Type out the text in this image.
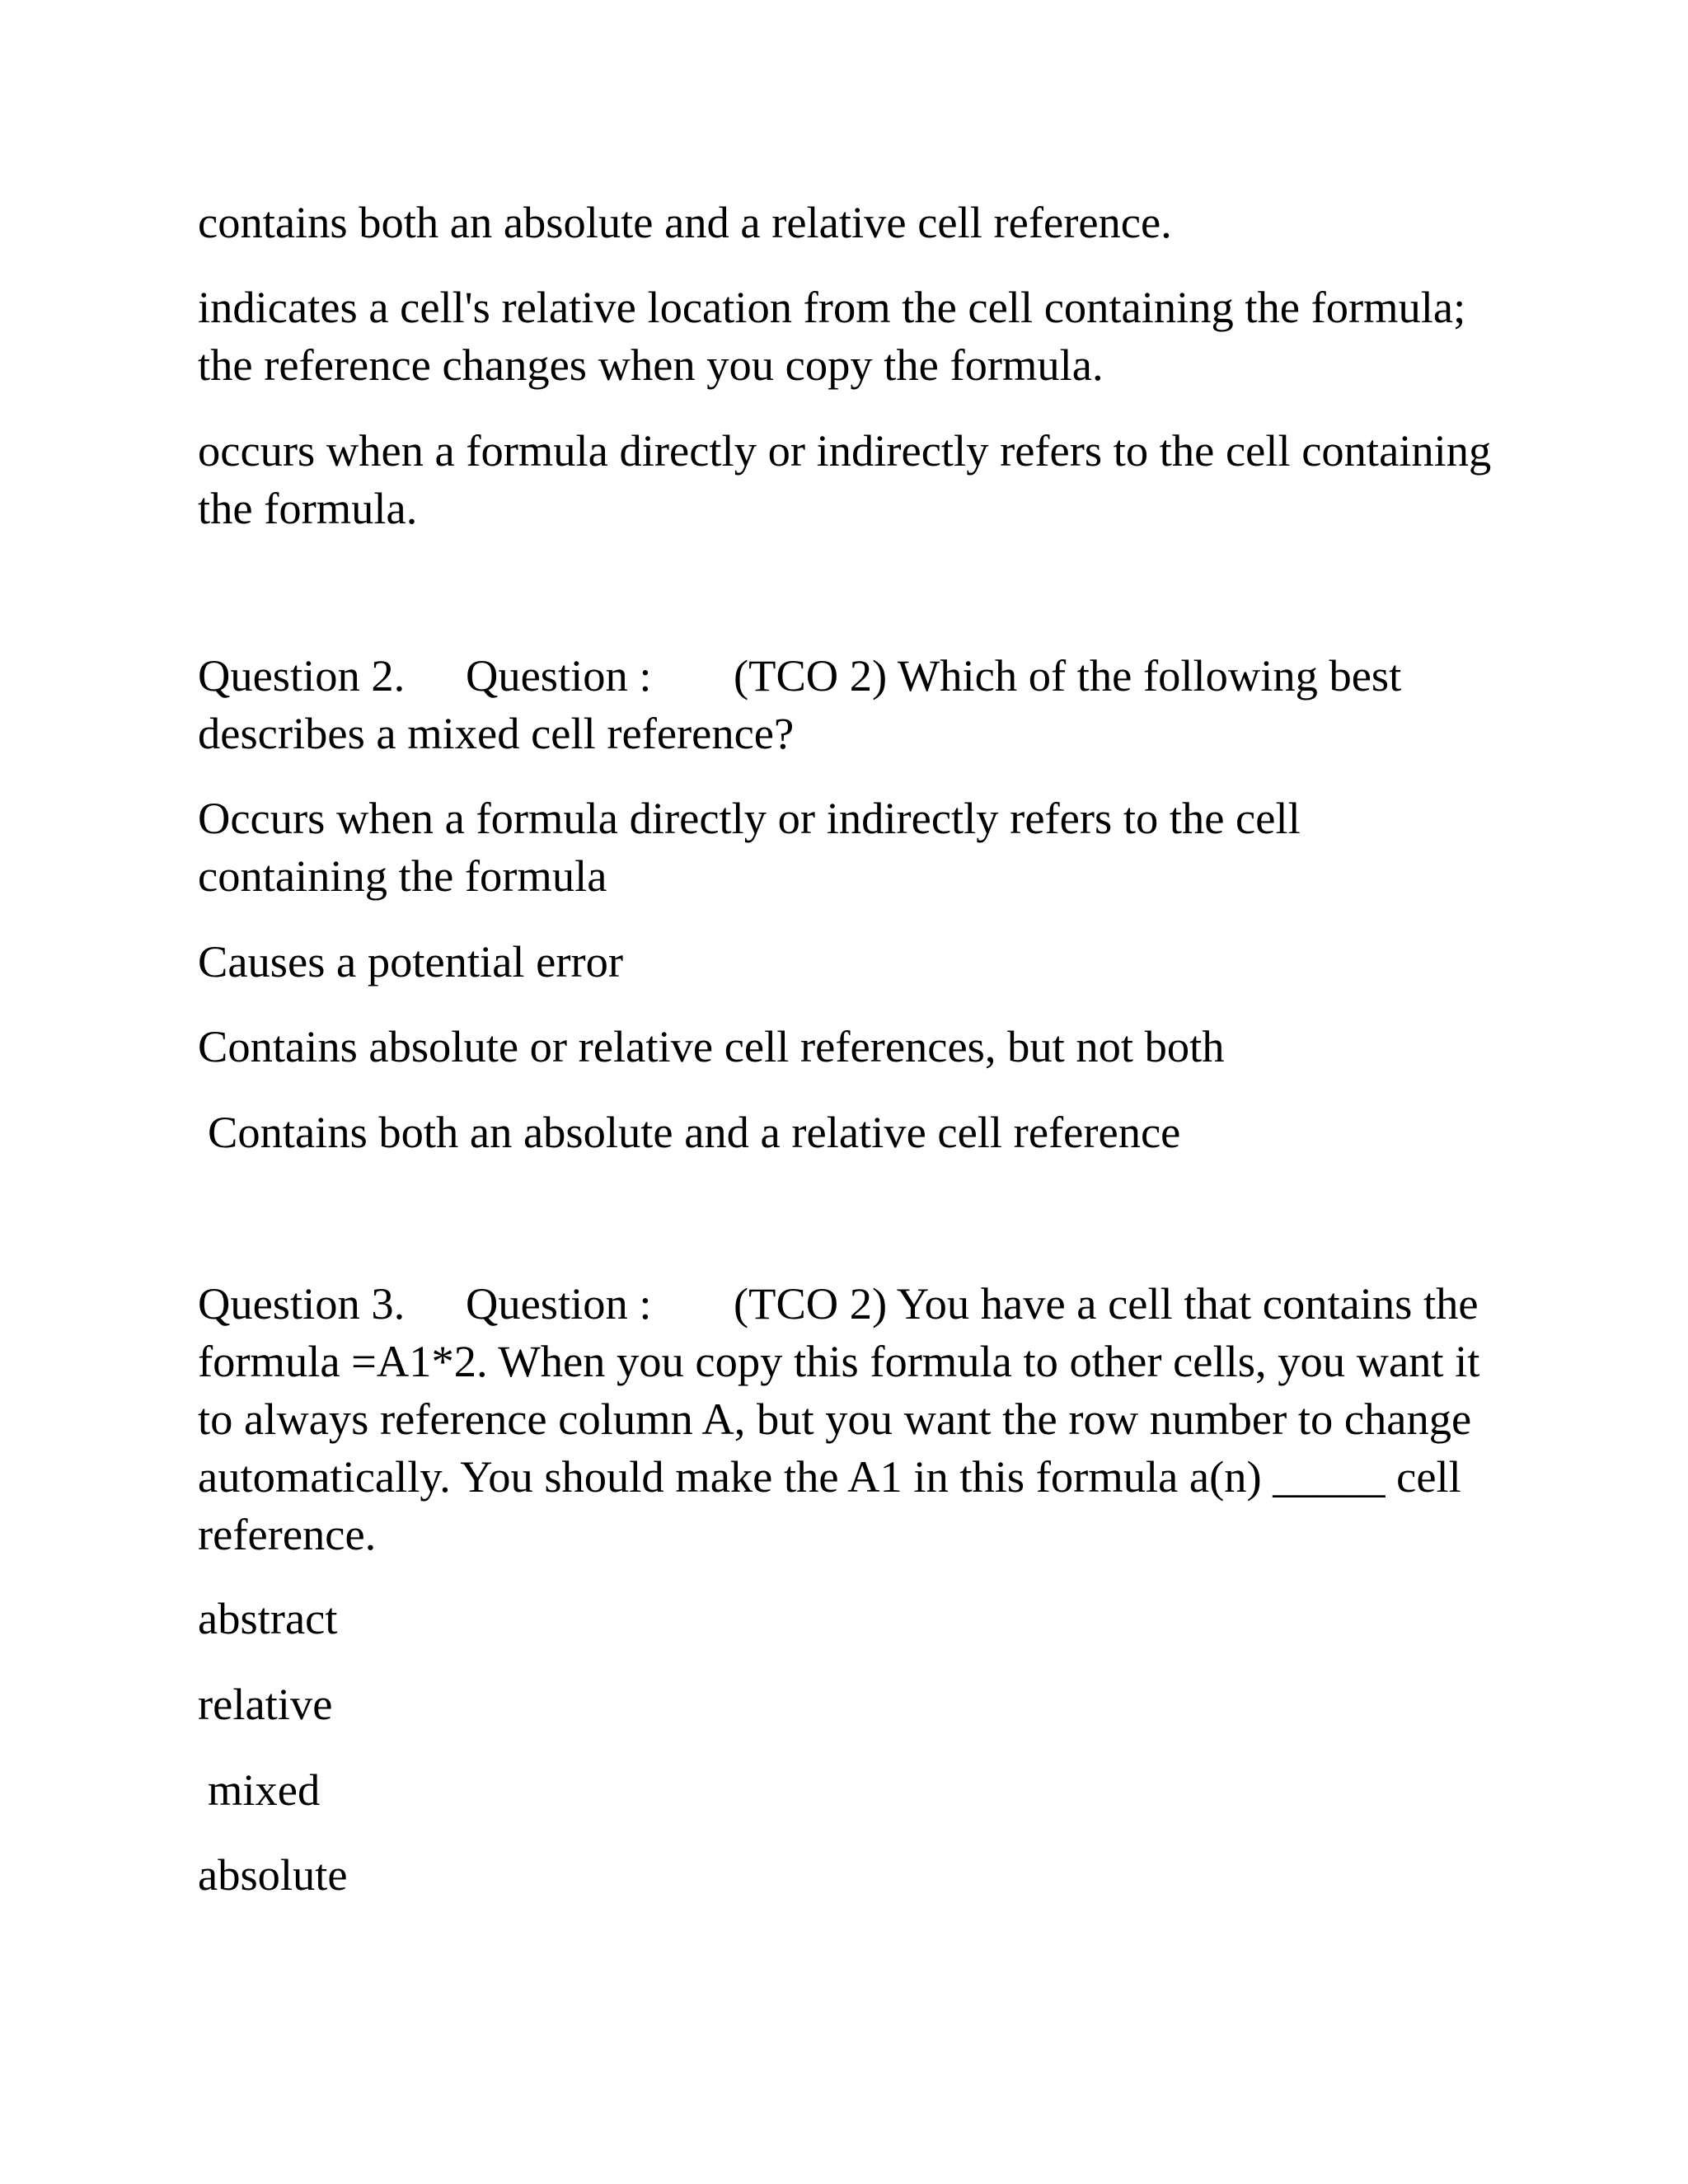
contains both an absolute and a relative cell reference.

indicates a cell's relative location from the cell containing the formula; the reference changes when you copy the formula.

occurs when a formula directly or indirectly refers to the cell containing the formula.

Question 2. Question : (TCO 2) Which of the following best

describes a mixed cell reference?

Occurs when a formula directly or indirectly refers to the cell containing the formula

Causes a potential error

Contains absolute or relative cell references, but not both

Contains both an absolute and a relative cell reference

Question 3. Question : (TCO 2) You have a cell that contains the

formula =A1*2. When you copy this formula to other cells, you want it to always reference column A, but you want the row number to change automatically. You should make the A1 in this formula a(n) _____ cell reference.

abstract

relative

mixed

absolute
